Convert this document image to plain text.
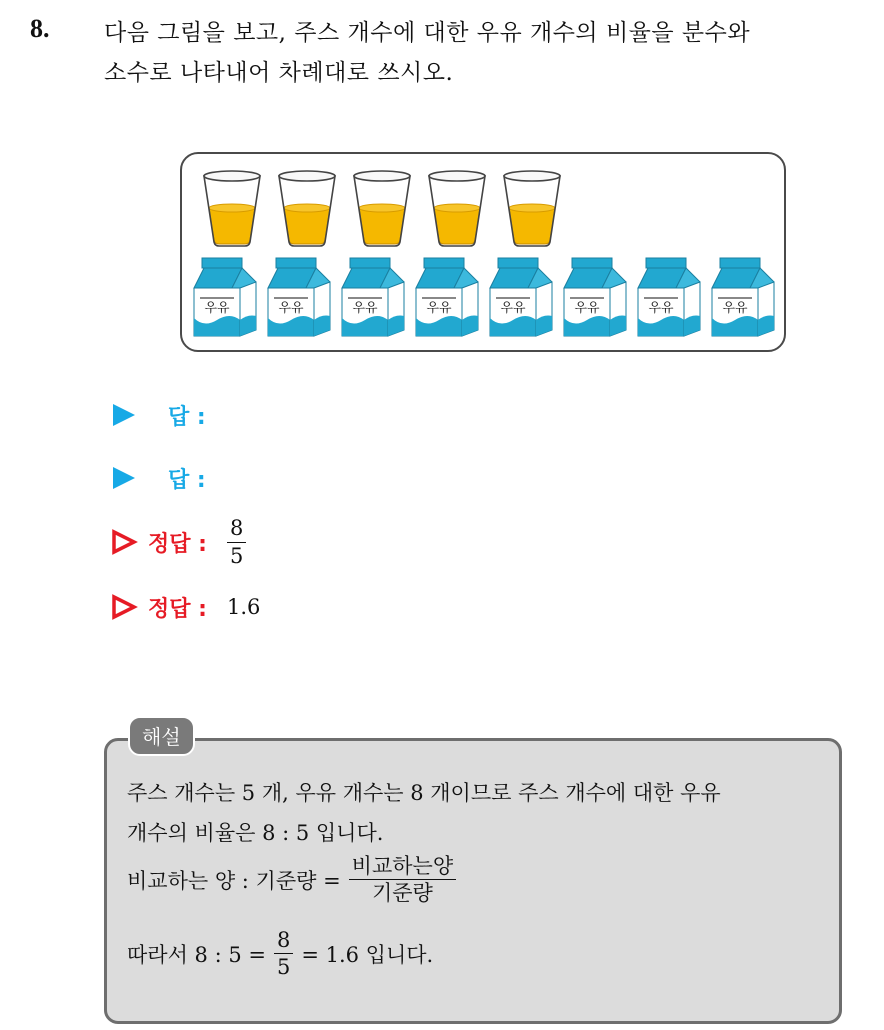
8. 다음 그림을 보고, 주스 개수에 대한 우유 개수의 비율을 분수와
소수로 나타내어 차례대로 쓰시오.
우유	우유	우유	우유	우유	우유	우유	우유
답 :
답 :
정답 : $\frac{8}{5}$
정답 : 1.6
주스 개수는 5 개, 우유 개수는 8 개이므로 주스 개수에 대한 우유
개수의 비율은 8 : 5 입니다.
비교하는 양 : 기준량 = $\frac{\text{비교하는양}}{\text{기준량}}$
따라서 8 : $5 = \frac{8}{5} = 1.6$ 입니다.
해설
